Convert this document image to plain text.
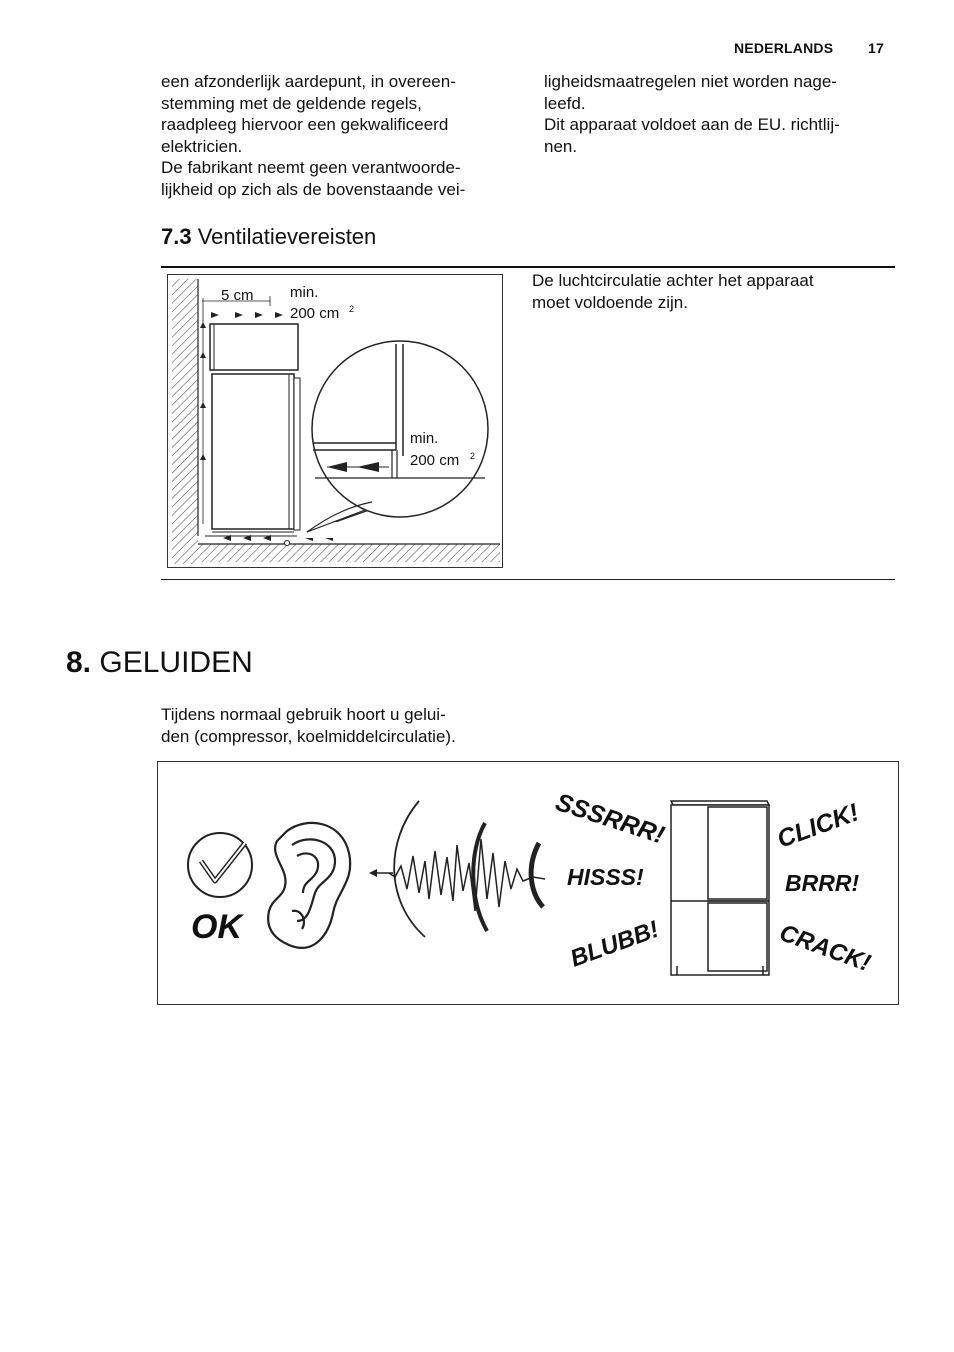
NEDERLANDS 17
een afzonderlijk aardepunt, in overeen-
stemming met de geldende regels,
raadpleeg hiervoor een gekwalificeerd
elektricien.
De fabrikant neemt geen verantwoorde-
lijkheid op zich als de bovenstaande vei-
ligheidsmaatregelen niet worden nage-
leefd.
Dit apparaat voldoet aan de EU. richtlij-
nen.
7.3 Ventilatievereisten
De luchtcirculatie achter het apparaat
moet voldoende zijn.
5 cm min.
200 cm 2
min.
200 cm 2
8. GELUIDEN
Tijdens normaal gebruik hoort u gelui-
den (compressor, koelmiddelcirculatie).
OK
SSSRRR!
HISSS!
BLUBB!
CLICK!
BRRR!
CRACK!
